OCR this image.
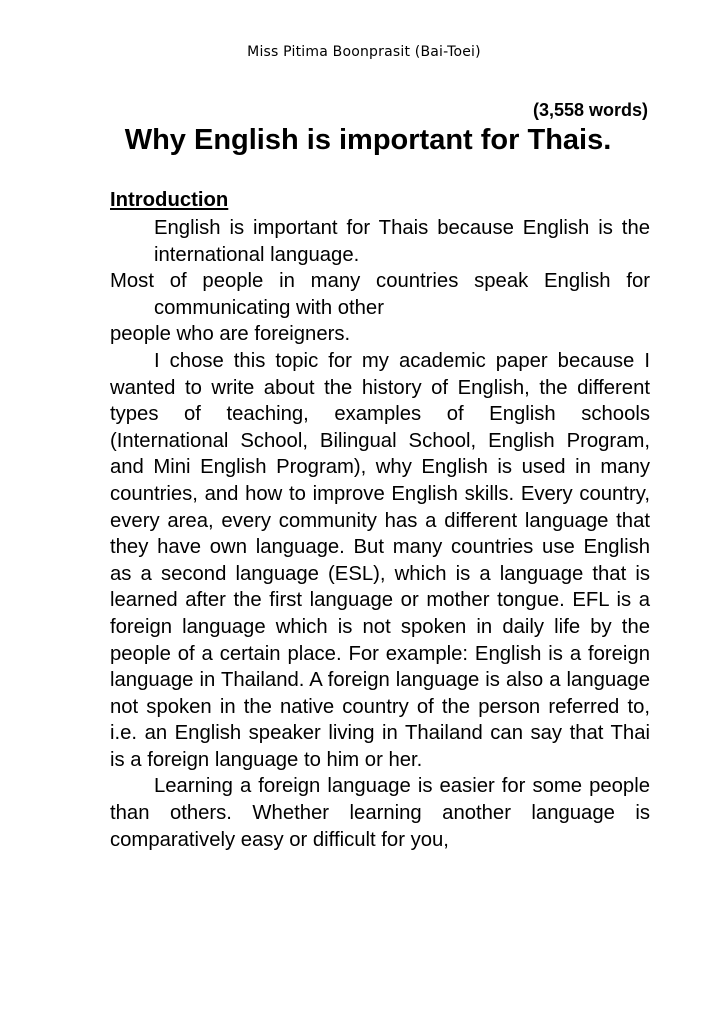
Miss Pitima Boonprasit (Bai-Toei)
(3,558 words)
Why English is important for Thais.
Introduction

English is important for Thais because English is the international language.

Most of people in many countries speak English for communicating with other

people who are foreigners.

I chose this topic for my academic paper because I wanted to write about the history of English, the different types of teaching, examples of English schools (International School, Bilingual School, English Program, and Mini English Program), why English is used in many countries, and how to improve English skills. Every country, every area, every community has a different language that they have own language. But many countries use English as a second language (ESL), which is a language that is learned after the first language or mother tongue. EFL is a foreign language which is not spoken in daily life by the people of a certain place. For example: English is a foreign language in Thailand. A foreign language is also a language not spoken in the native country of the person referred to, i.e. an English speaker living in Thailand can say that Thai is a foreign language to him or her.

Learning a foreign language is easier for some people than others. Whether learning another language is comparatively easy or difficult for you,
